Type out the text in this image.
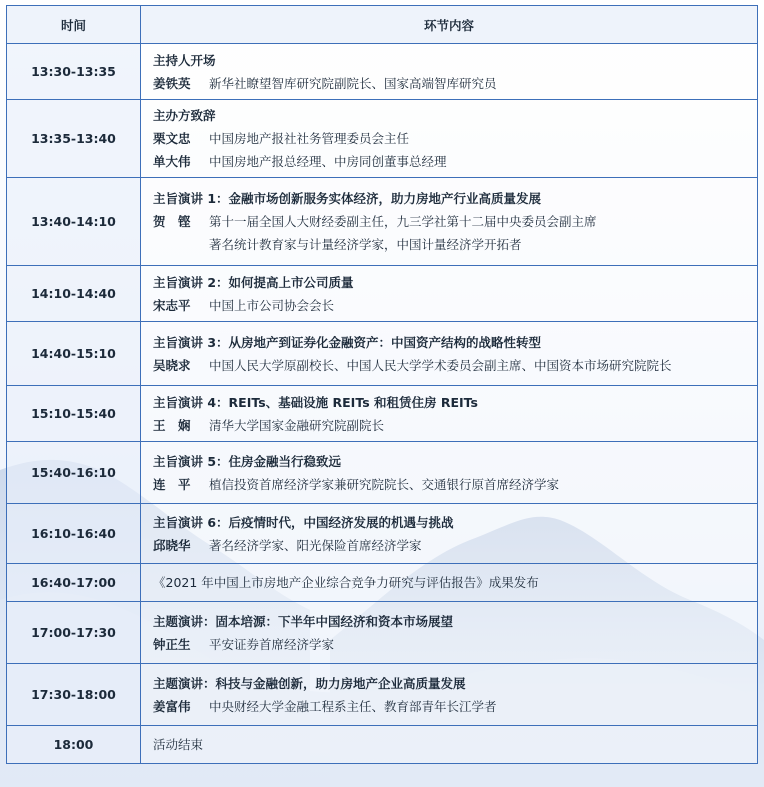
时间	环节内容
13:30-13:35	主持人开场
姜铁英 新华社瞭望智库研究院副院长、国家高端智库研究员

13:35-13:40	主办方致辞
栗文忠 中国房地产报社社务管理委员会主任
单大伟 中国房地产报总经理、中房同创董事总经理

13:40-14:10	主旨演讲 1：金融市场创新服务实体经济，助力房地产行业高质量发展
贺　铿 第十一届全国人大财经委副主任，九三学社第十二届中央委员会副主席
著名统计教育家与计量经济学家，中国计量经济学开拓者

14:10-14:40	主旨演讲 2：如何提高上市公司质量
宋志平 中国上市公司协会会长

14:40-15:10	主旨演讲 3：从房地产到证券化金融资产：中国资产结构的战略性转型
吴晓求 中国人民大学原副校长、中国人民大学学术委员会副主席、中国资本市场研究院院长

15:10-15:40	主旨演讲 4：REITs、基础设施 REITs 和租赁住房 REITs
王　娴 清华大学国家金融研究院副院长

15:40-16:10	主旨演讲 5：住房金融当行稳致远
连　平 植信投资首席经济学家兼研究院院长、交通银行原首席经济学家

16:10-16:40	主旨演讲 6：后疫情时代，中国经济发展的机遇与挑战
邱晓华 著名经济学家、阳光保险首席经济学家

16:40-17:00	《2021 年中国上市房地产企业综合竞争力研究与评估报告》成果发布

17:00-17:30	主题演讲：固本培源：下半年中国经济和资本市场展望
钟正生 平安证券首席经济学家

17:30-18:00	主题演讲：科技与金融创新，助力房地产企业高质量发展
姜富伟 中央财经大学金融工程系主任、教育部青年长江学者

18:00	活动结束
